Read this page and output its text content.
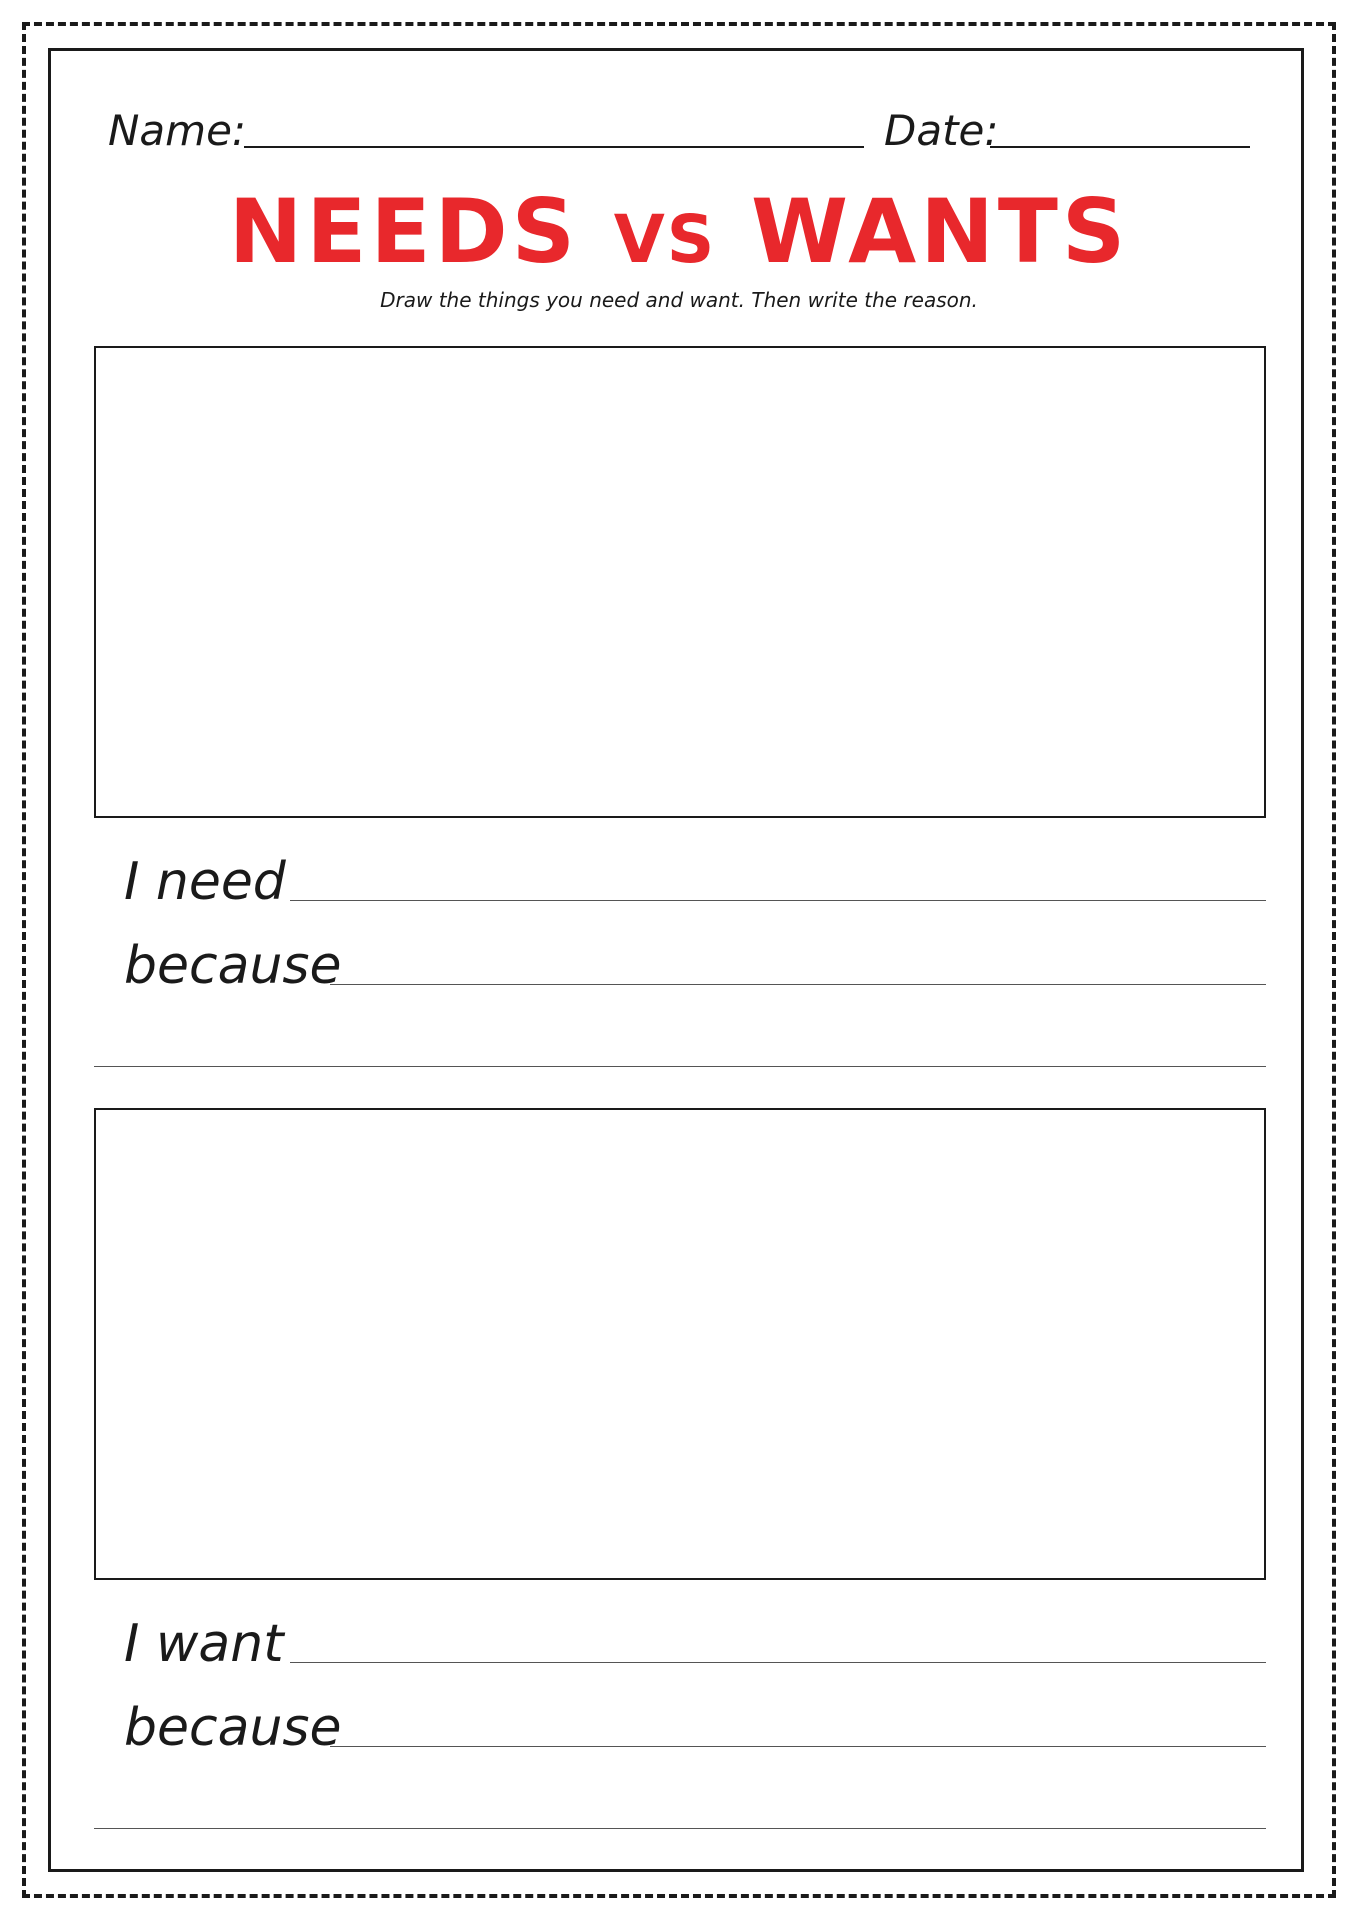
Name:	Date:
NEEDS VS WANTS
Draw the things you need and want. Then write the reason.
I need
because
I want
because
